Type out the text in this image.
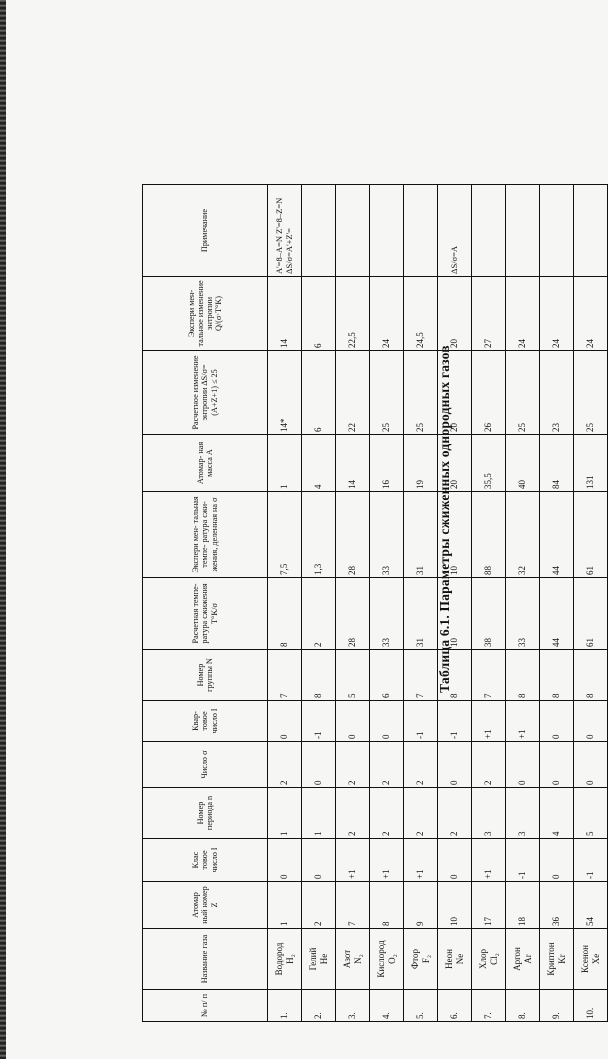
Таблица 6.1. Параметры сжиженных однородных газов
№ п/ п	Название газа	Атомар ный номер Z	Клас товое число l	Номер периода n	Число σ	Квар- товое число l	Номер группы N	Расчетная темпе- ратура сжижения T°K/σ	Экспери мен- тальная темпе- ратура сжи- жения, деленная на σ	Атомар- ная масса A	Расчетное изменение энтропии ΔS/σ= (A+Z+1) ≤ 25	Экспери мен- тальное изменение энтропии Q/(σ·T°K)	Примечание
1.	Водород H₂	1	0	1	2	0	7	8	7,5	1	14*	14	A'=8–A=N Z'=8–Z=N ΔS/σ=A'+Z'=
2.	Гелий He	2	0	1	0	-1	8	2	1,3	4	6	6	
3.	Азот N₂	7	+1	2	2	0	5	28	28	14	22	22,5	
4.	Кислород O₂	8	+1	2	2	0	6	33	33	16	25	24	
5.	Фтор F₂	9	+1	2	2	-1	7	31	31	19	25	24,5	
6.	Неон Ne	10	0	2	0	-1	8	10	10	20	20	20	ΔS/σ=A
7.	Хлор Cl₂	17	+1	3	2	+1	7	38	88	35,5	26	27	
8.	Аргон Ar	18	-1	3	0	+1	8	33	32	40	25	24	
9.	Криптон Kr	36	0	4	0	0	8	44	44	84	23	24	
10.	Ксенон Xe	54	-1	5	0	0	8	61	61	131	25	24	
